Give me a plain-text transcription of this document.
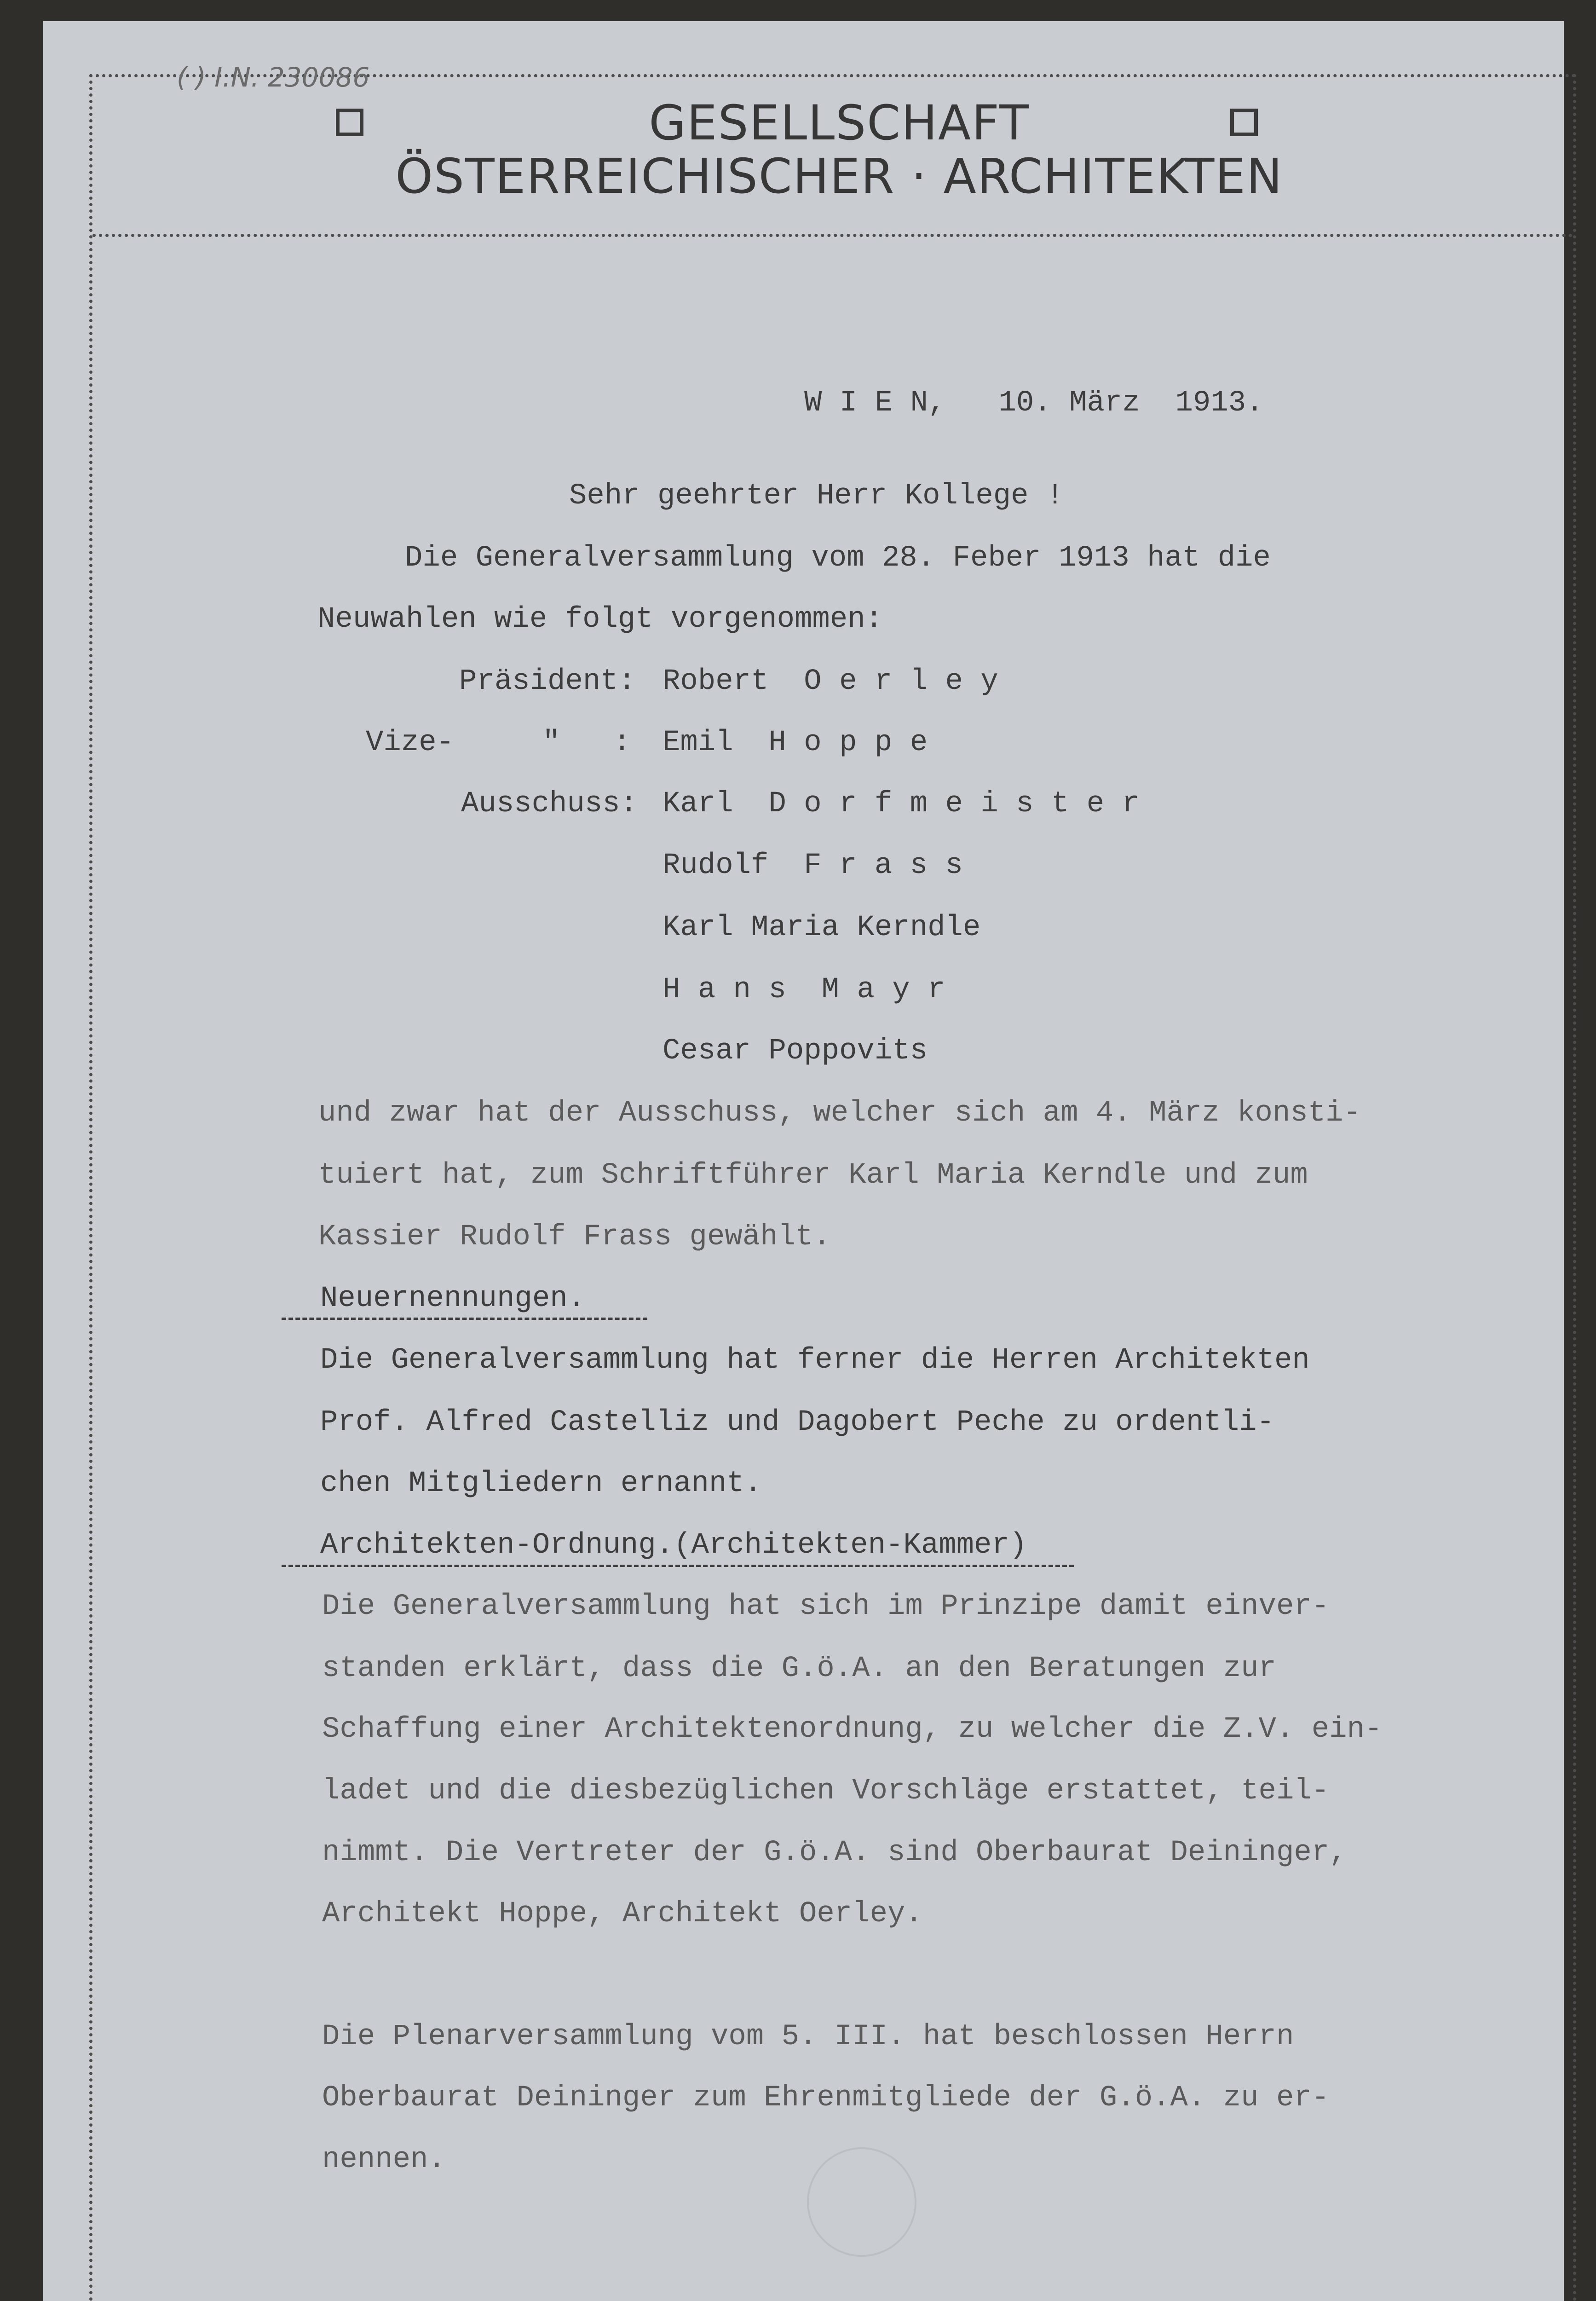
GESELLSCHAFT
ÖSTERREICHISCHER · ARCHITEKTEN
( ) I.N. 230086
W I E N,   10. März  1913.
Sehr geehrter Herr Kollege !
Die Generalversammlung vom 28. Feber 1913 hat die
Neuwahlen wie folgt vorgenommen:
Präsident: Robert  O e r l e y
Vize-     "   : Emil  H o p p e
Ausschuss: Karl  D o r f m e i s t e r
Rudolf  F r a s s
Karl Maria Kerndle
H a n s  M a y r
Cesar Poppovits
und zwar hat der Ausschuss, welcher sich am 4. März konsti-
tuiert hat, zum Schriftführer Karl Maria Kerndle und zum
Kassier Rudolf Frass gewählt.
Neuernennungen.
Die Generalversammlung hat ferner die Herren Architekten
Prof. Alfred Castelliz und Dagobert Peche zu ordentli-
chen Mitgliedern ernannt.
Architekten-Ordnung.(Architekten-Kammer)
Die Generalversammlung hat sich im Prinzipe damit einver-
standen erklärt, dass die G.ö.A. an den Beratungen zur
Schaffung einer Architektenordnung, zu welcher die Z.V. ein-
ladet und die diesbezüglichen Vorschläge erstattet, teil-
nimmt. Die Vertreter der G.ö.A. sind Oberbaurat Deininger,
Architekt Hoppe, Architekt Oerley.
Die Plenarversammlung vom 5. III. hat beschlossen Herrn
Oberbaurat Deininger zum Ehrenmitgliede der G.ö.A. zu er-
nennen.
